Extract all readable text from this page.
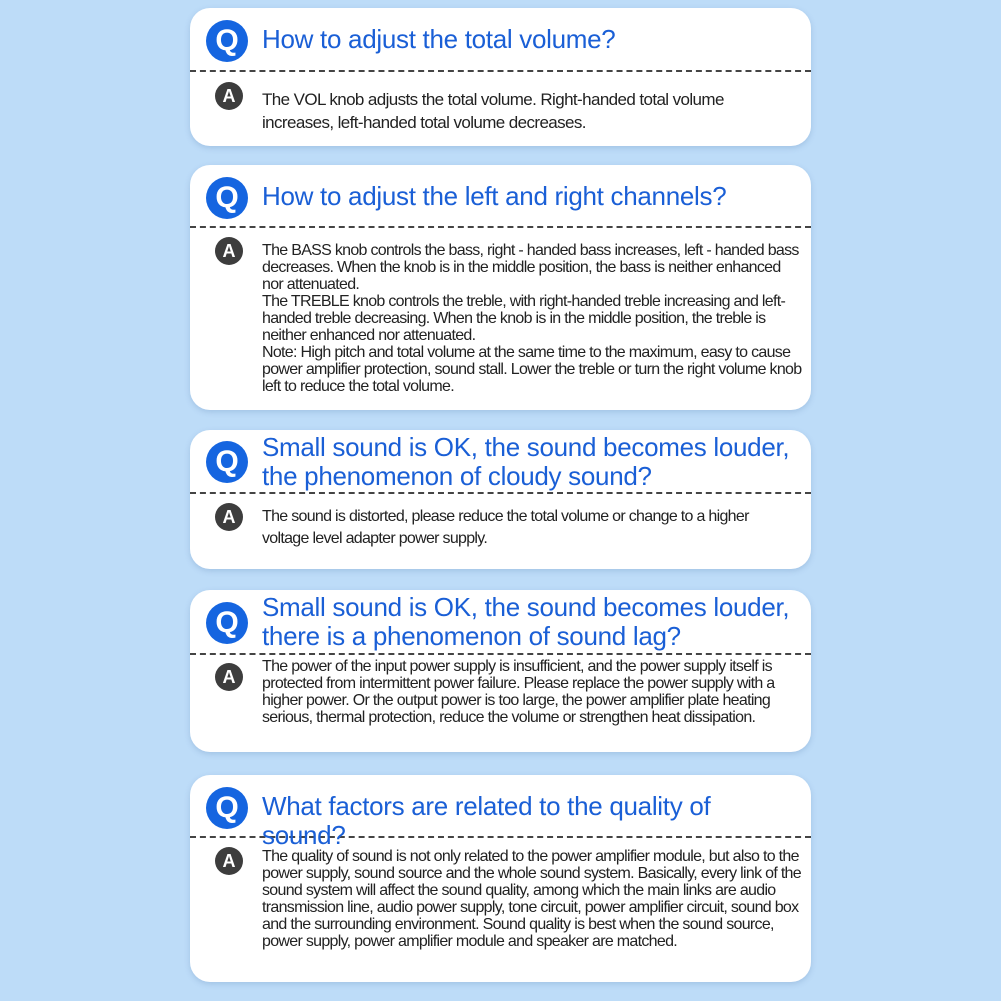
Q How to adjust the total volume?
A	The VOL knob adjusts the total volume. Right-handed total volume increases, left-handed total volume decreases.

Q How to adjust the left and right channels?
A	The BASS knob controls the bass, right - handed bass increases, left - handed bass decreases. When the knob is in the middle position, the bass is neither enhanced nor attenuated.
The TREBLE knob controls the treble, with right-handed treble increasing and left-handed treble decreasing. When the knob is in the middle position, the treble is neither enhanced nor attenuated.
Note: High pitch and total volume at the same time to the maximum, easy to cause power amplifier protection, sound stall. Lower the treble or turn the right volume knob left to reduce the total volume.

Q Small sound is OK, the sound becomes louder, the phenomenon of cloudy sound?
A	The sound is distorted, please reduce the total volume or change to a higher voltage level adapter power supply.

Q Small sound is OK, the sound becomes louder, there is a phenomenon of sound lag?
A

The power of the input power supply is insufficient, and the power supply itself is protected from intermittent power failure. Please replace the power supply with a higher power. Or the output power is too large, the power amplifier plate heating serious, thermal protection, reduce the volume or strengthen heat dissipation.

Q What factors are related to the quality of sound?
A	The quality of sound is not only related to the power amplifier module, but also to the power supply, sound source and the whole sound system. Basically, every link of the sound system will affect the sound quality, among which the main links are audio transmission line, audio power supply, tone circuit, power amplifier circuit, sound box and the surrounding environment. Sound quality is best when the sound source, power supply, power amplifier module and speaker are matched.
